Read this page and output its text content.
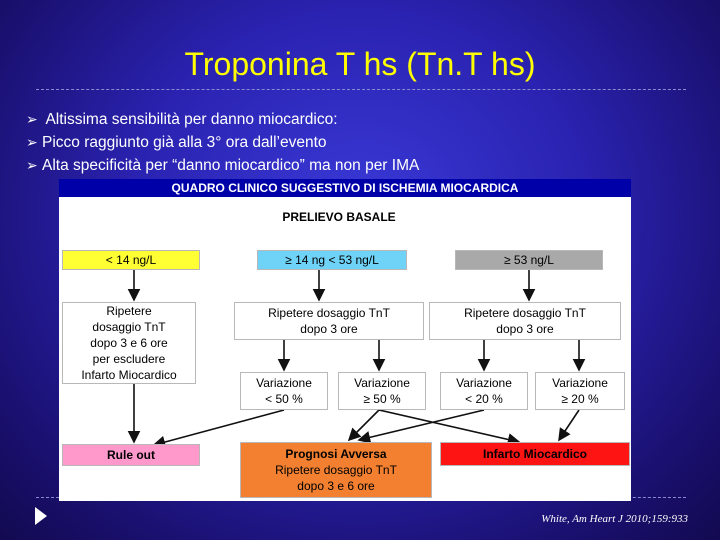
Troponina T hs (Tn.T hs)
➢ Altissima sensibilità per danno miocardico:
➢ Picco raggiunto già alla 3° ora dall’evento
➢ Alta specificità per “danno miocardico” ma non per IMA
QUADRO CLINICO SUGGESTIVO DI ISCHEMIA MIOCARDICA
PRELIEVO BASALE
< 14 ng/L	≥ 14 ng < 53 ng/L	≥ 53 ng/L
Ripetere
dosaggio TnT
dopo 3 e 6 ore
per escludere
Infarto Miocardico
Ripetere dosaggio TnT
dopo 3 ore
Ripetere dosaggio TnT
dopo 3 ore
Variazione
< 50 %
Variazione
≥ 50 %
Variazione
< 20 %
Variazione
≥ 20 %
Rule out	Prognosi Avversa
Ripetere dosaggio TnT
dopo 3 e 6 ore
Infarto Miocardico
White, Am Heart J 2010;159:933
